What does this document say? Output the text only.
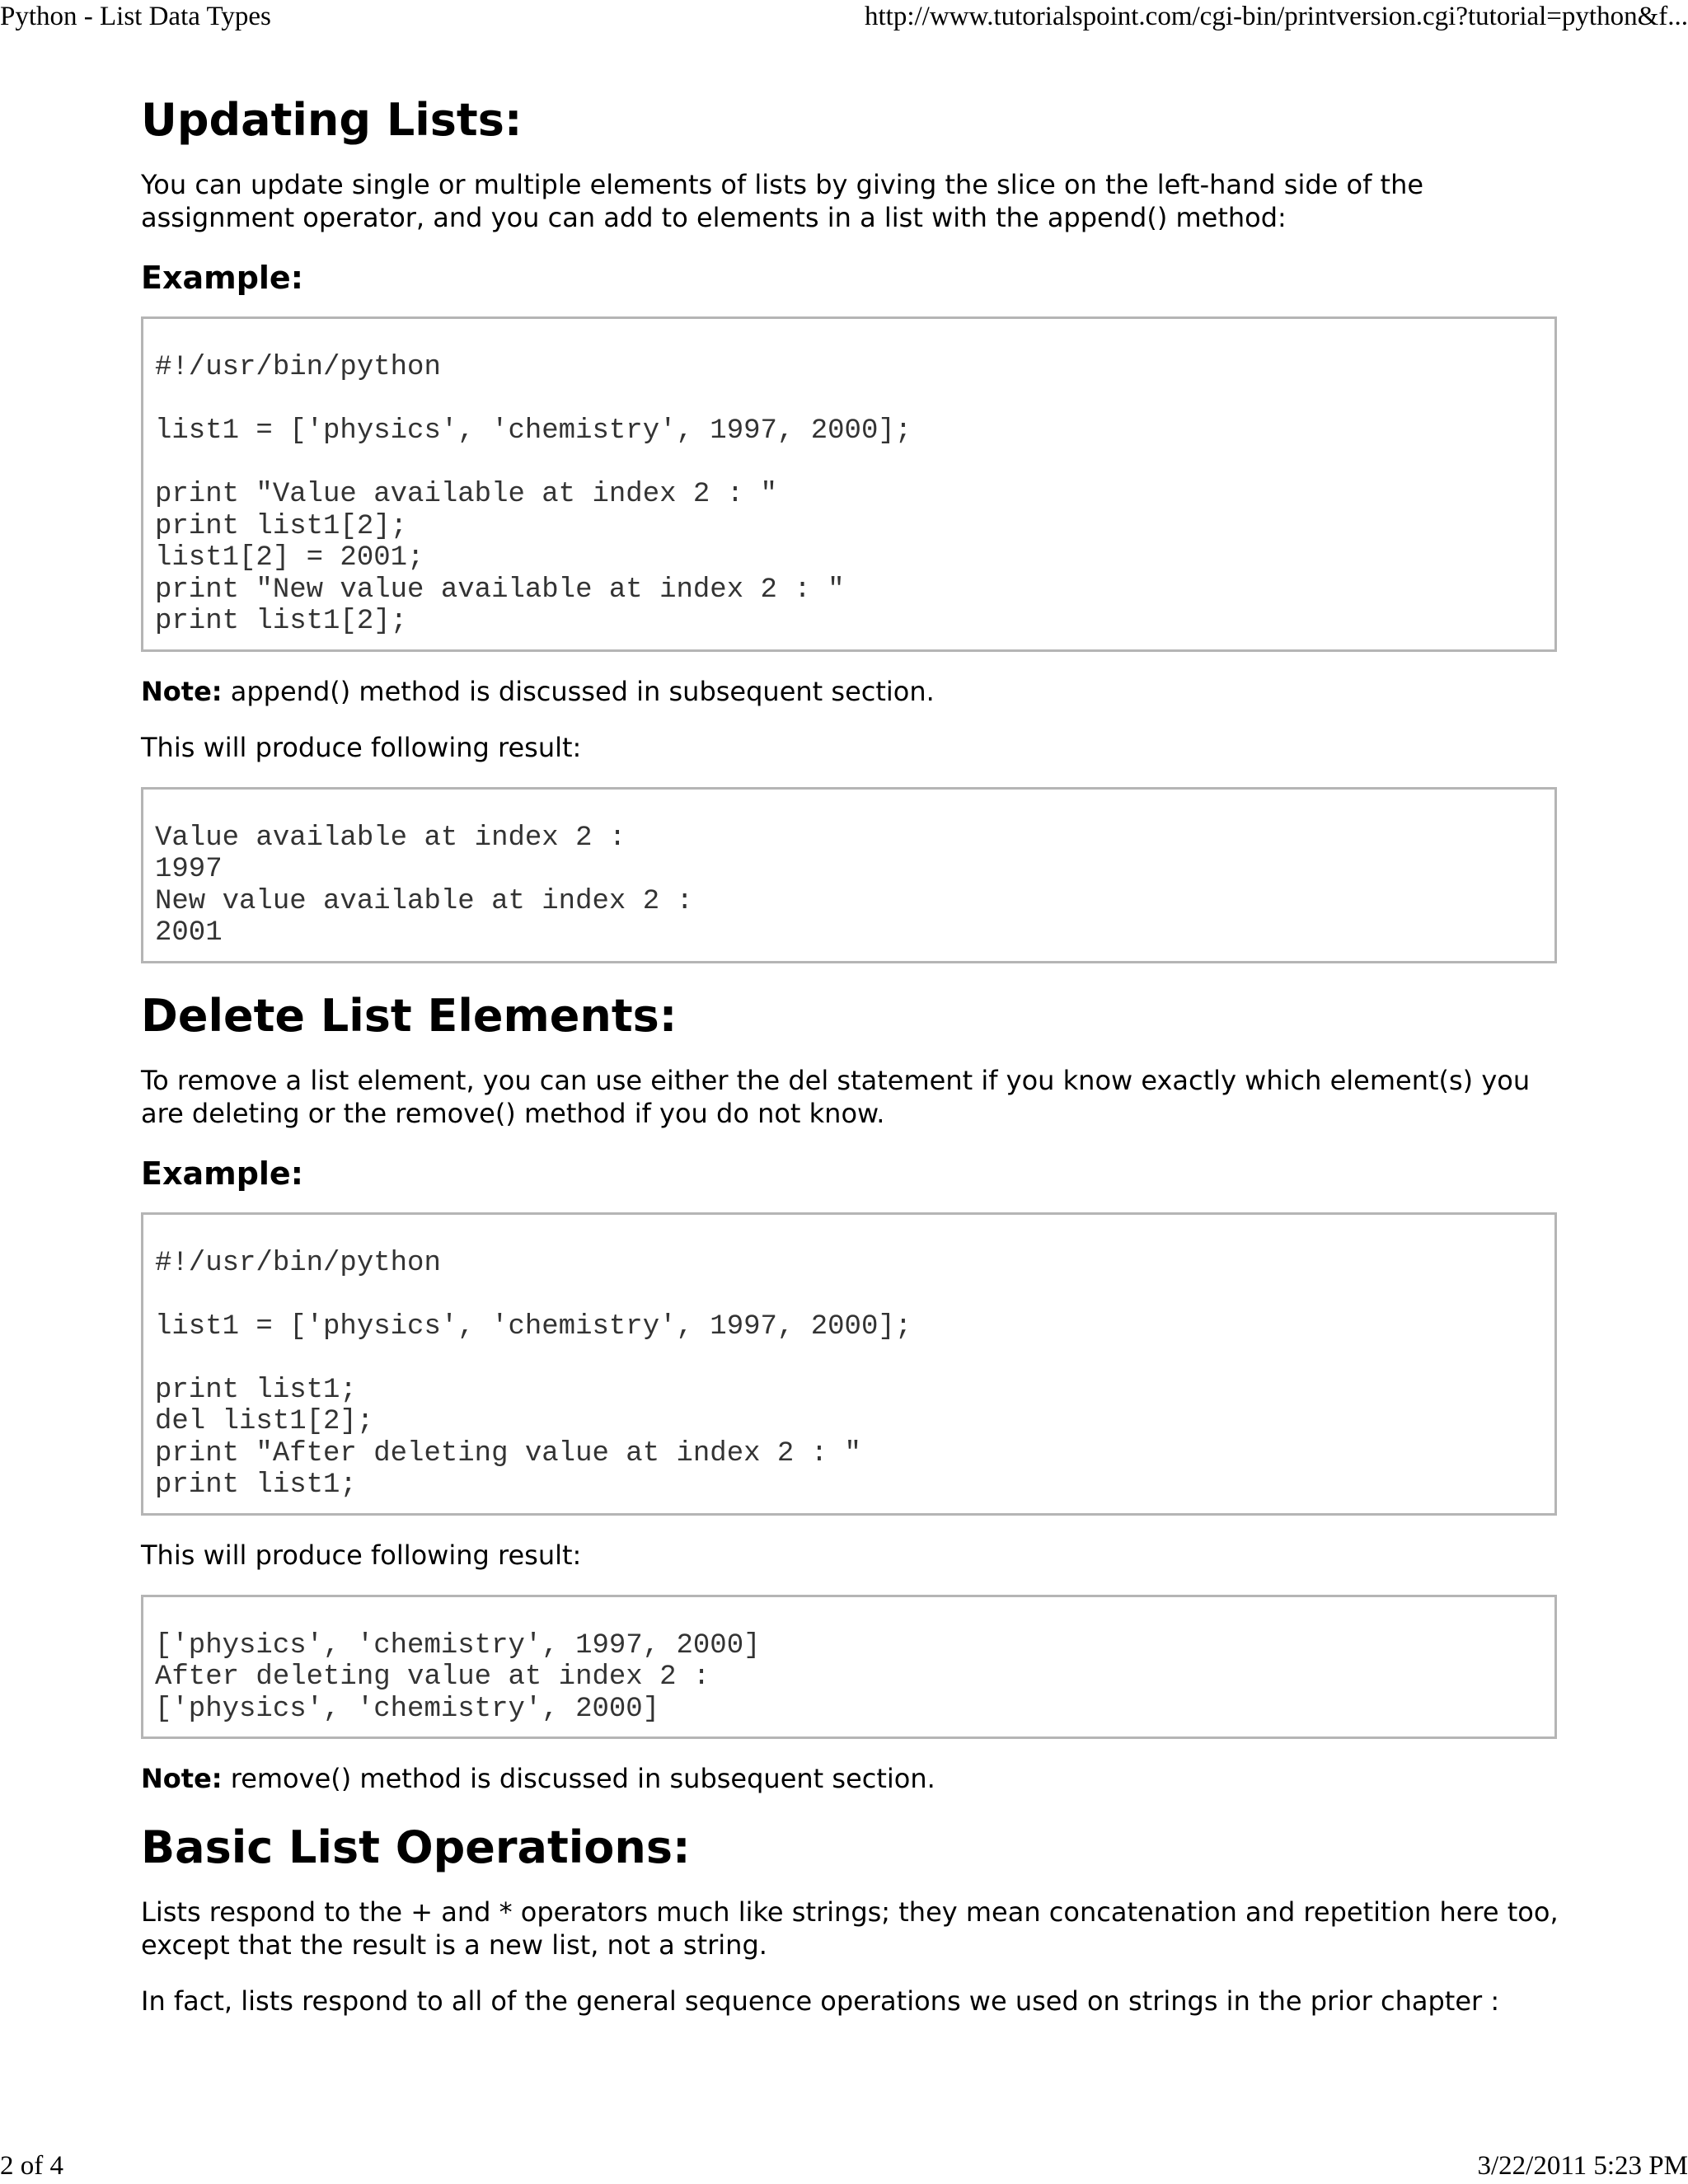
Python - List Data Types	http://www.tutorialspoint.com/cgi-bin/printversion.cgi?tutorial=python&f...
Updating Lists:

You can update single or multiple elements of lists by giving the slice on the left-hand side of the assignment operator, and you can add to elements in a list with the append() method:

Example:
#!/usr/bin/python

list1 = ['physics', 'chemistry', 1997, 2000];

print "Value available at index 2 : "
print list1[2];
list1[2] = 2001;
print "New value available at index 2 : "
print list1[2];

Note: append() method is discussed in subsequent section.

This will produce following result:

Value available at index 2 :
1997
New value available at index 2 :
2001
Delete List Elements:

To remove a list element, you can use either the del statement if you know exactly which element(s) you are deleting or the remove() method if you do not know.

Example:
#!/usr/bin/python

list1 = ['physics', 'chemistry', 1997, 2000];

print list1;
del list1[2];
print "After deleting value at index 2 : "
print list1;

This will produce following result:

['physics', 'chemistry', 1997, 2000]
After deleting value at index 2 :
['physics', 'chemistry', 2000]

Note: remove() method is discussed in subsequent section.

Basic List Operations:

Lists respond to the + and * operators much like strings; they mean concatenation and repetition here too, except that the result is a new list, not a string.

In fact, lists respond to all of the general sequence operations we used on strings in the prior chapter :

2 of 4	3/22/2011 5:23 PM
